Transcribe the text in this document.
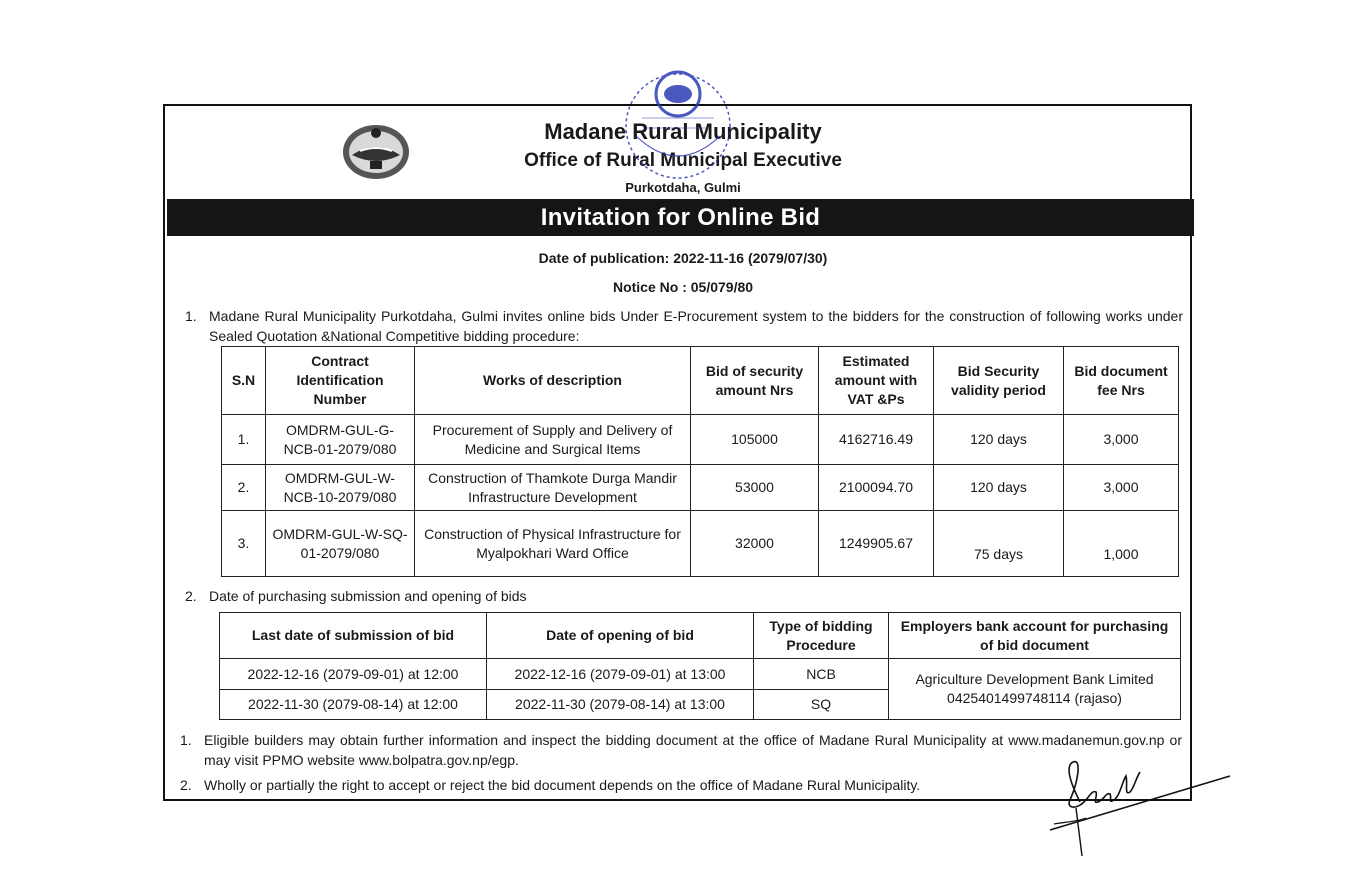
Madane Rural Municipality
Office of Rural Municipal Executive
Purkotdaha, Gulmi
Invitation for Online Bid
Date of publication: 2022-11-16 (2079/07/30)
Notice No : 05/079/80
1. Madane Rural Municipality Purkotdaha, Gulmi invites online bids Under E-Procurement system to the bidders for the construction of following works under Sealed Quotation &National Competitive bidding procedure:
S.N	Contract Identification Number	Works of description	Bid of security amount Nrs	Estimated amount with VAT &Ps	Bid Security validity period	Bid document fee Nrs
1.	OMDRM-GUL-G-NCB-01-2079/080	Procurement of Supply and Delivery of Medicine and Surgical Items	105000	4162716.49	120 days	3,000
2.	OMDRM-GUL-W-NCB-10-2079/080	Construction of Thamkote Durga Mandir Infrastructure Development	53000	2100094.70	120 days	3,000
3.	OMDRM-GUL-W-SQ-01-2079/080	Construction of Physical Infrastructure for Myalpokhari Ward Office	32000	1249905.67	75 days	1,000
2. Date of purchasing submission and opening of bids
Last date of submission of bid	Date of opening of bid	Type of bidding Procedure	Employers bank account for purchasing of bid document
2022-12-16 (2079-09-01) at 12:00	2022-12-16 (2079-09-01) at 13:00	NCB	Agriculture Development Bank Limited
0425401499748114 (rajaso)

2022-11-30 (2079-08-14) at 12:00	2022-11-30 (2079-08-14) at 13:00	SQ	
1. Eligible builders may obtain further information and inspect the bidding document at the office of Madane Rural Municipality at www.madanemun.gov.np or may visit PPMO website www.bolpatra.gov.np/egp.
2. Wholly or partially the right to accept or reject the bid document depends on the office of Madane Rural Municipality.
